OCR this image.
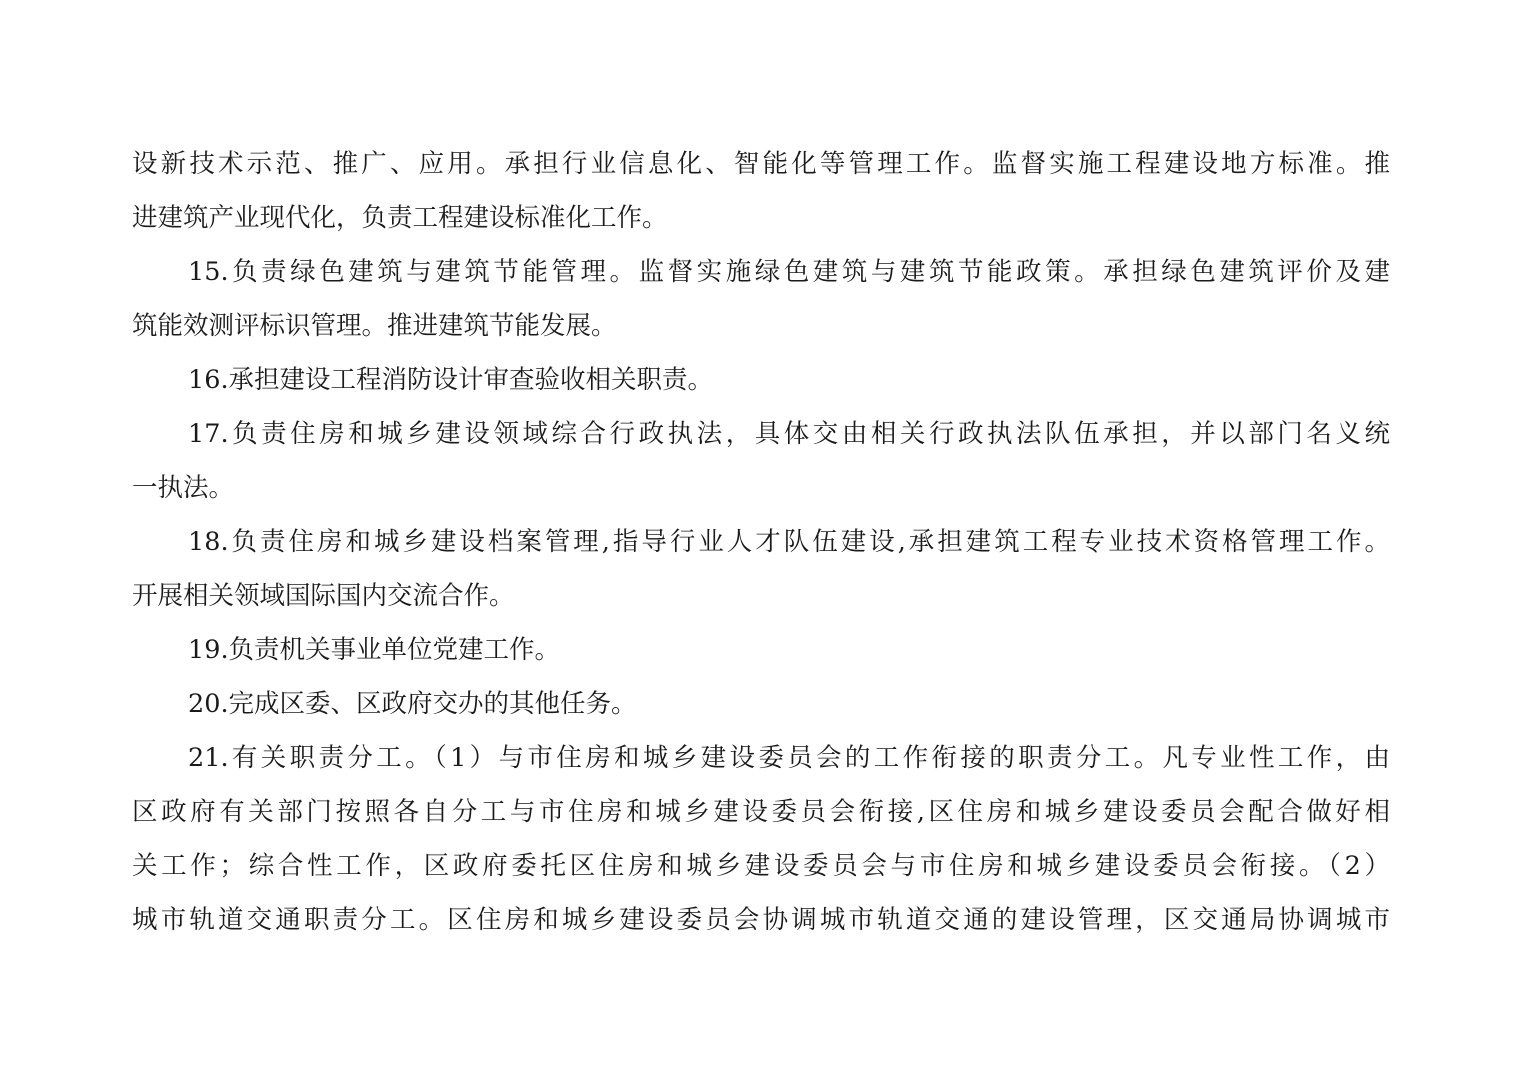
设新技术示范、推广、应用。承担行业信息化、智能化等管理工作。监督实施工程建设地方标准。推
进建筑产业现代化，负责工程建设标准化工作。
15.负责绿色建筑与建筑节能管理。监督实施绿色建筑与建筑节能政策。承担绿色建筑评价及建
筑能效测评标识管理。推进建筑节能发展。
16.承担建设工程消防设计审查验收相关职责。
17.负责住房和城乡建设领域综合行政执法，具体交由相关行政执法队伍承担，并以部门名义统
一执法。
18.负责住房和城乡建设档案管理,指导行业人才队伍建设,承担建筑工程专业技术资格管理工作。
开展相关领域国际国内交流合作。
19.负责机关事业单位党建工作。
20.完成区委、区政府交办的其他任务。
21.有关职责分工。（1）与市住房和城乡建设委员会的工作衔接的职责分工。凡专业性工作，由
区政府有关部门按照各自分工与市住房和城乡建设委员会衔接,区住房和城乡建设委员会配合做好相
关工作；综合性工作，区政府委托区住房和城乡建设委员会与市住房和城乡建设委员会衔接。（2）
城市轨道交通职责分工。区住房和城乡建设委员会协调城市轨道交通的建设管理，区交通局协调城市
